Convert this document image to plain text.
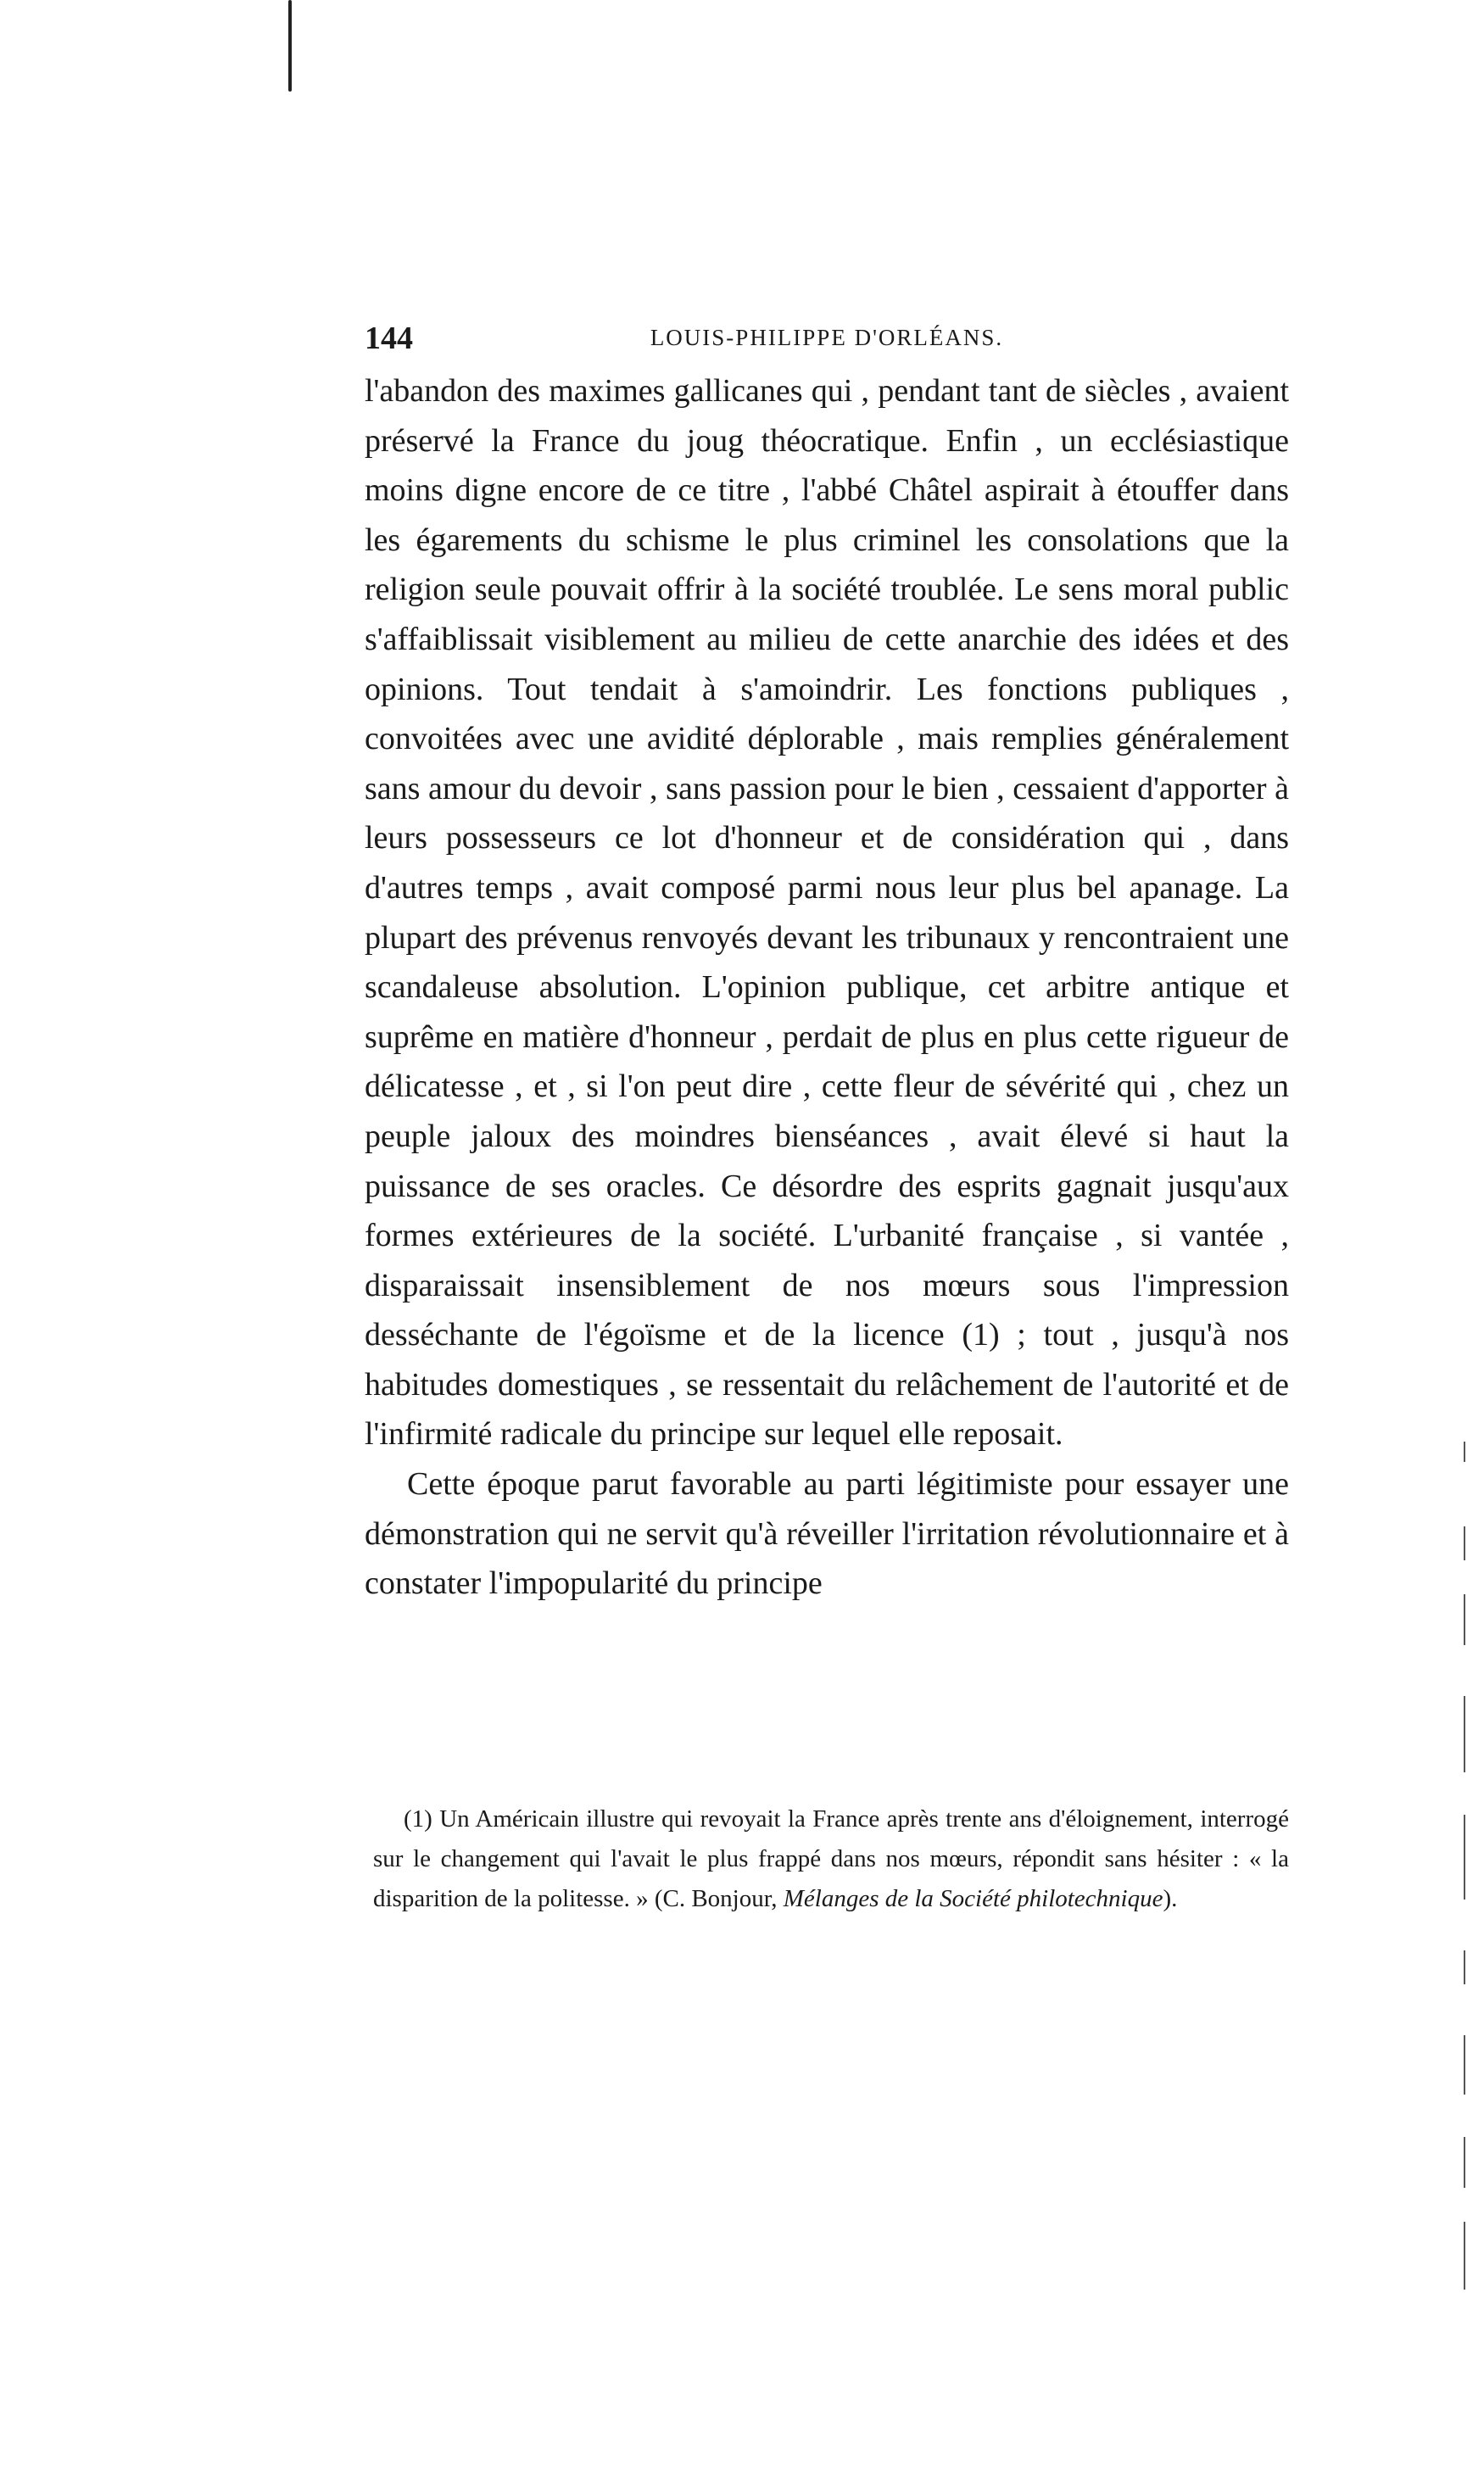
144	LOUIS-PHILIPPE D'ORLÉANS.

l'abandon des maximes gallicanes qui , pendant tant de siècles , avaient préservé la France du joug théocratique. Enfin , un ecclésiastique moins digne encore de ce titre , l'abbé Châtel aspirait à étouffer dans les égarements du schisme le plus criminel les consolations que la religion seule pouvait offrir à la société troublée. Le sens moral public s'affaiblissait visiblement au milieu de cette anarchie des idées et des opinions. Tout tendait à s'amoindrir. Les fonctions publiques , convoitées avec une avidité déplorable , mais remplies généralement sans amour du devoir , sans passion pour le bien , cessaient d'apporter à leurs possesseurs ce lot d'honneur et de considération qui , dans d'autres temps , avait composé parmi nous leur plus bel apanage. La plupart des prévenus renvoyés devant les tribunaux y rencontraient une scandaleuse absolution. L'opinion publique, cet arbitre antique et suprême en matière d'honneur , perdait de plus en plus cette rigueur de délicatesse , et , si l'on peut dire , cette fleur de sévérité qui , chez un peuple jaloux des moindres bienséances , avait élevé si haut la puissance de ses oracles. Ce désordre des esprits gagnait jusqu'aux formes extérieures de la société. L'urbanité française , si vantée , disparaissait insensiblement de nos mœurs sous l'impression desséchante de l'égoïsme et de la licence (1) ; tout , jusqu'à nos habitudes domestiques , se ressentait du relâchement de l'autorité et de l'infirmité radicale du principe sur lequel elle reposait.

Cette époque parut favorable au parti légitimiste pour essayer une démonstration qui ne servit qu'à réveiller l'irritation révolutionnaire et à constater l'impopularité du principe

(1) Un Américain illustre qui revoyait la France après trente ans d'éloignement, interrogé sur le changement qui l'avait le plus frappé dans nos mœurs, répondit sans hésiter : « la disparition de la politesse. » (C. Bonjour, Mélanges de la Société philotechnique).
